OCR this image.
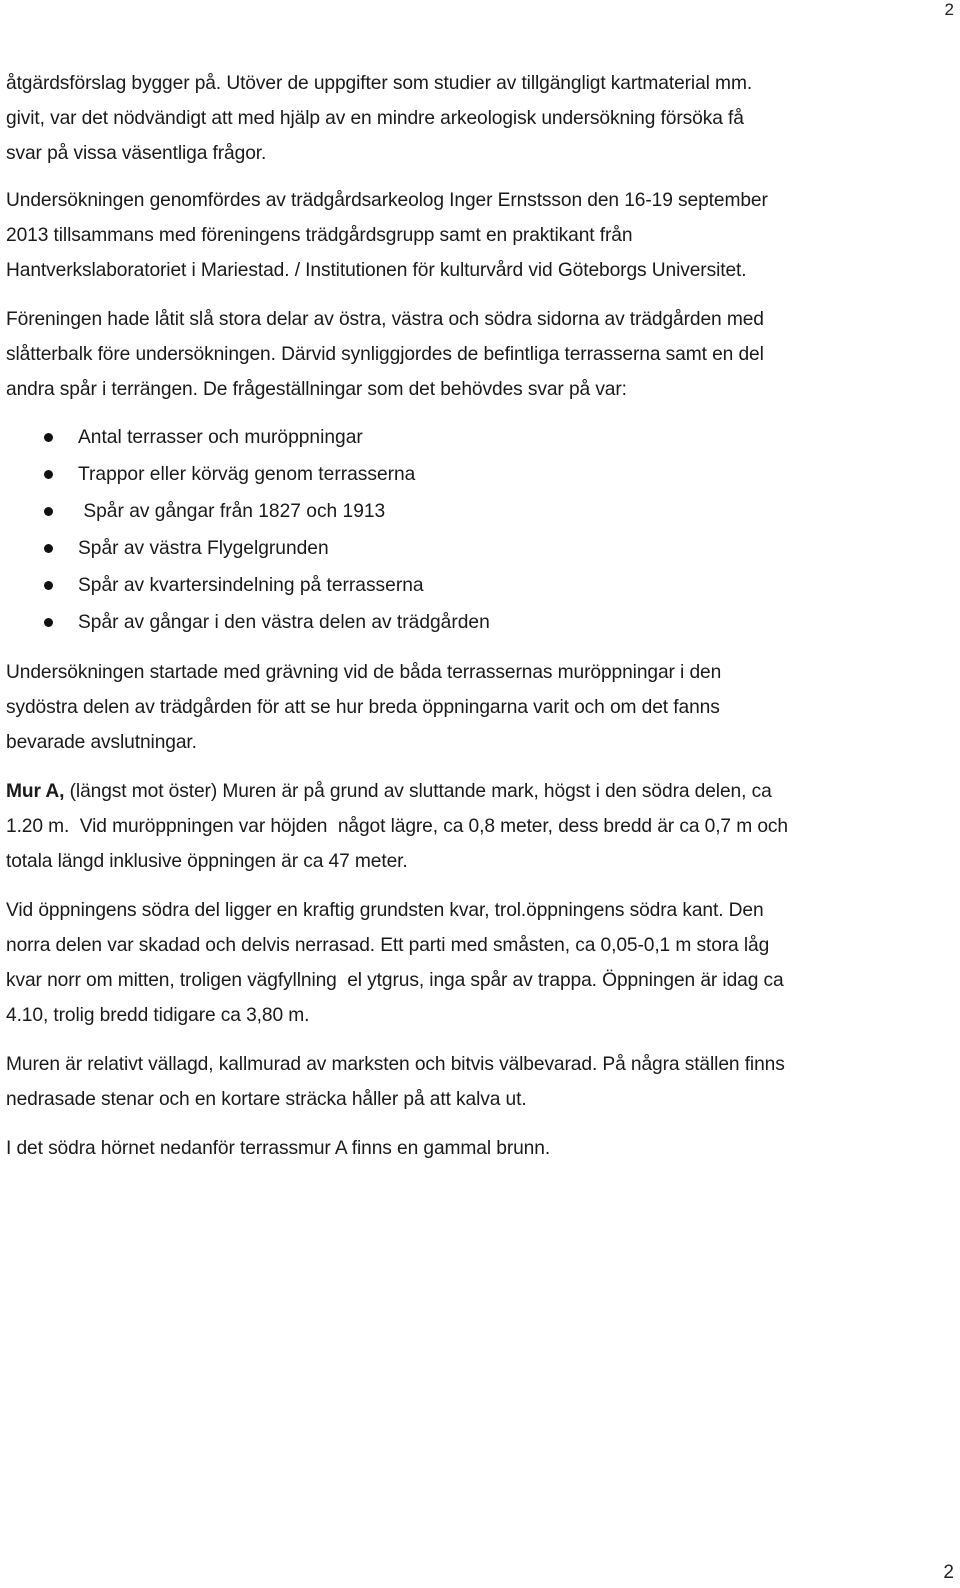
2

åtgärdsförslag bygger på. Utöver de uppgifter som studier av tillgängligt kartmaterial mm.
givit, var det nödvändigt att med hjälp av en mindre arkeologisk undersökning försöka få
svar på vissa väsentliga frågor.

Undersökningen genomfördes av trädgårdsarkeolog Inger Ernstsson den 16-19 september
2013 tillsammans med föreningens trädgårdsgrupp samt en praktikant från
Hantverkslaboratoriet i Mariestad. / Institutionen för kulturvård vid Göteborgs Universitet.

Föreningen hade låtit slå stora delar av östra, västra och södra sidorna av trädgården med
slåtterbalk före undersökningen. Därvid synliggjordes de befintliga terrasserna samt en del
andra spår i terrängen. De frågeställningar som det behövdes svar på var:

Antal terrasser och muröppningar
Trappor eller körväg genom terrasserna
Spår av gångar från 1827 och 1913
Spår av västra Flygelgrunden
Spår av kvartersindelning på terrasserna
Spår av gångar i den västra delen av trädgården

Undersökningen startade med grävning vid de båda terrassernas muröppningar i den
sydöstra delen av trädgården för att se hur breda öppningarna varit och om det fanns
bevarade avslutningar.

Mur A, (längst mot öster) Muren är på grund av sluttande mark, högst i den södra delen, ca
1.20 m.  Vid muröppningen var höjden  något lägre, ca 0,8 meter, dess bredd är ca 0,7 m och
totala längd inklusive öppningen är ca 47 meter.

Vid öppningens södra del ligger en kraftig grundsten kvar, trol.öppningens södra kant. Den
norra delen var skadad och delvis nerrasad. Ett parti med småsten, ca 0,05-0,1 m stora låg
kvar norr om mitten, troligen vägfyllning  el ytgrus, inga spår av trappa. Öppningen är idag ca
4.10, trolig bredd tidigare ca 3,80 m.

Muren är relativt vällagd, kallmurad av marksten och bitvis välbevarad. På några ställen finns
nedrasade stenar och en kortare sträcka håller på att kalva ut.

I det södra hörnet nedanför terrassmur A finns en gammal brunn.

2
